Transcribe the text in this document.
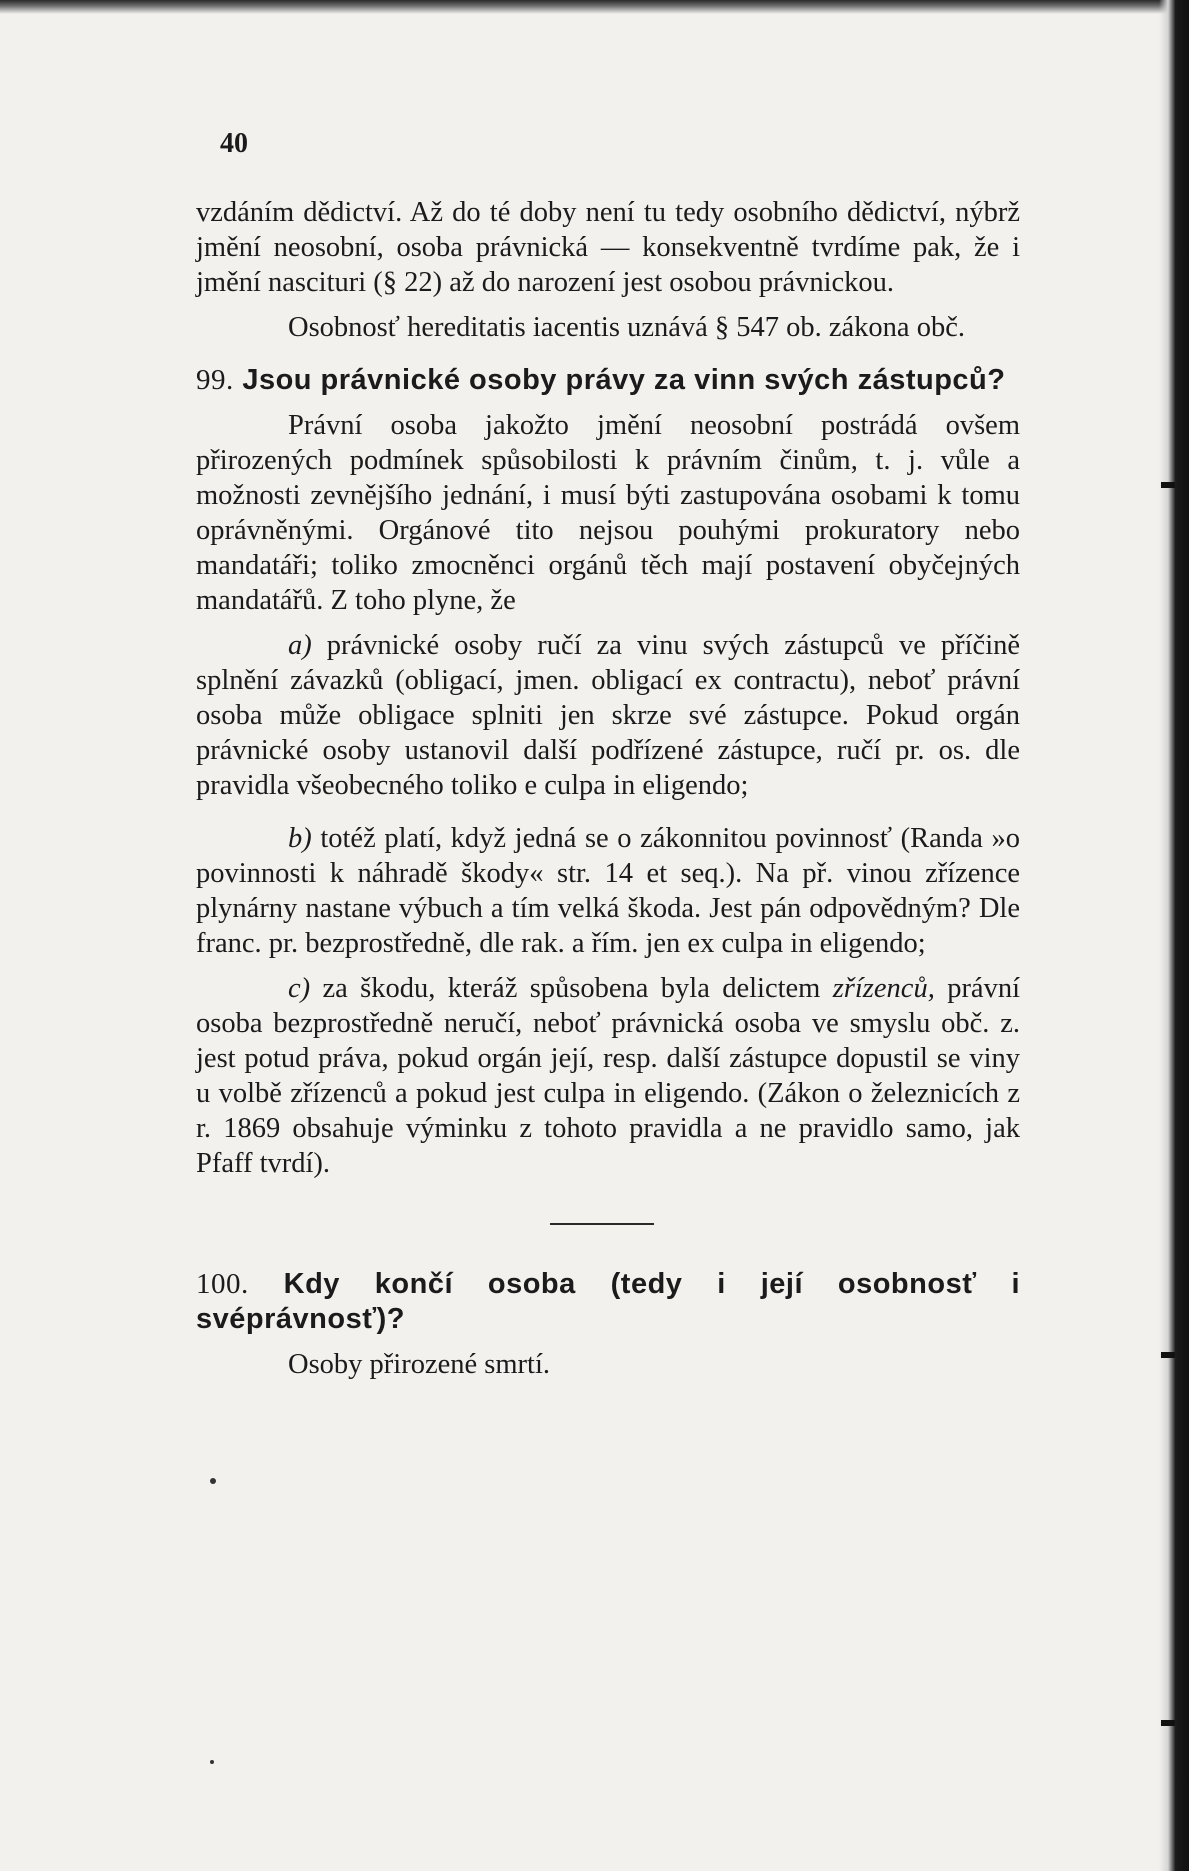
40

vzdáním dědictví. Až do té doby není tu tedy osobního dědictví, nýbrž jmění neosobní, osoba právnická — konsekventně tvrdíme pak, že i jmění nascituri (§ 22) až do narození jest osobou právnickou.

Osobnosť hereditatis iacentis uznává § 547 ob. zákona obč.

99. Jsou právnické osoby právy za vinn svých zástupců?

Právní osoba jakožto jmění neosobní postrádá ovšem přirozených podmínek spůsobilosti k právním činům, t. j. vůle a možnosti zevnějšího jednání, i musí býti zastupována osobami k tomu oprávněnými. Orgánové tito nejsou pouhými prokuratory nebo mandatáři; toliko zmocněnci orgánů těch mají postavení obyčejných mandatářů. Z toho plyne, že

a) právnické osoby ručí za vinu svých zástupců ve příčině splnění závazků (obligací, jmen. obligací ex contractu), neboť právní osoba může obligace splniti jen skrze své zástupce. Pokud orgán právnické osoby ustanovil další podřízené zástupce, ručí pr. os. dle pravidla všeobecného toliko e culpa in eligendo;

b) totéž platí, když jedná se o zákonnitou povinnosť (Randa »o povinnosti k náhradě škody« str. 14 et seq.). Na př. vinou zřízence plynárny nastane výbuch a tím velká škoda. Jest pán odpovědným? Dle franc. pr. bezprostředně, dle rak. a řím. jen ex culpa in eligendo;

c) za škodu, kteráž spůsobena byla delictem zřízenců, právní osoba bezprostředně neručí, neboť právnická osoba ve smyslu obč. z. jest potud práva, pokud orgán její, resp. další zástupce dopustil se viny u volbě zřízenců a pokud jest culpa in eligendo. (Zákon o železnicích z r. 1869 obsahuje výminku z tohoto pravidla a ne pravidlo samo, jak Pfaff tvrdí).

100. Kdy končí osoba (tedy i její osobnosť i svéprávnosť)?

Osoby přirozené smrtí.
